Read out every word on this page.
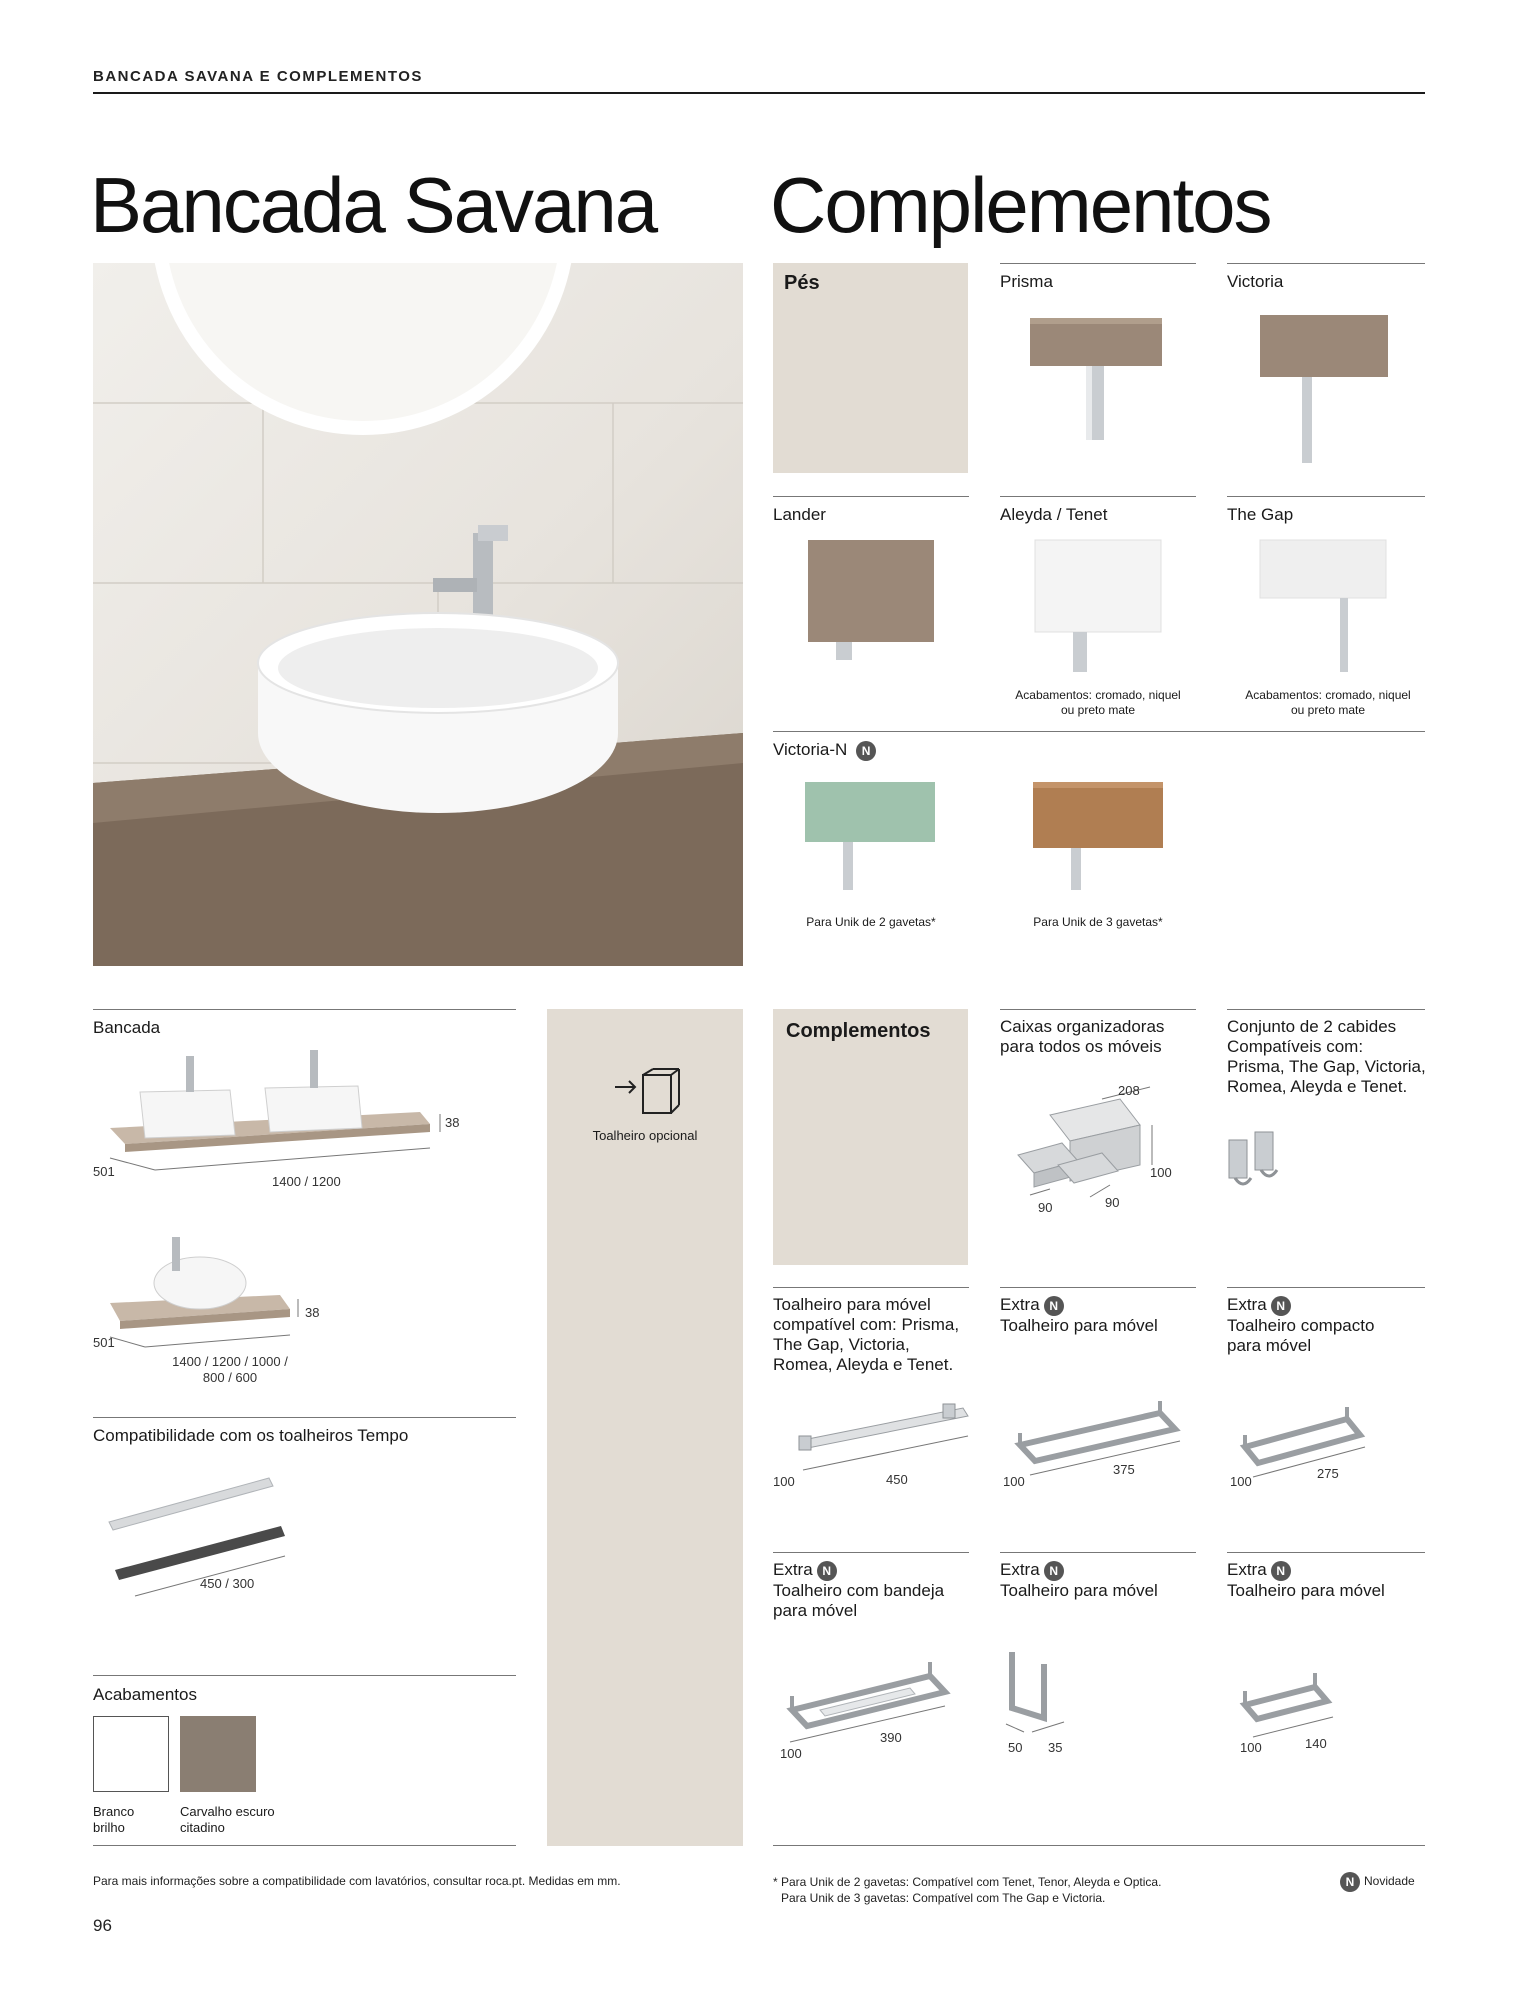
BANCADA SAVANA E COMPLEMENTOS
Bancada Savana Complementos
Pés	Prisma	Victoria
Lander	Aleyda / Tenet	The Gap
Acabamentos: cromado, niquel
ou preto mate
Acabamentos: cromado, niquel
ou preto mate
Victoria-N N
Para Unik de 2 gavetas*	Para Unik de 3 gavetas*
Bancada
501
1400 / 1200
38
501
1400 / 1200 / 1000 /
800 / 600
38
Compatibilidade com os toalheiros Tempo
450 / 300
Acabamentos
Branco
brilho
Carvalho escuro
citadino
Toalheiro opcional
Complementos	Caixas organizadoras
para todos os móveis
208
100
90	90
Conjunto de 2 cabides
Compatíveis com:
Prisma, The Gap, Victoria,
Romea, Aleyda e Tenet.
Toalheiro para móvel
compatível com: Prisma,
The Gap, Victoria,
Romea, Aleyda e Tenet.
100	450
Extra N
Toalheiro para móvel
100
375
Extra N
Toalheiro compacto
para móvel
100
275
Extra N
Toalheiro com bandeja
para móvel
100
390
Extra N
Toalheiro para móvel
50 35
Extra N
Toalheiro para móvel
100	140
Para mais informações sobre a compatibilidade com lavatórios, consultar roca.pt. Medidas em mm.	* Para Unik de 2 gavetas: Compatível com Tenet, Tenor, Aleyda e Optica.
Para Unik de 3 gavetas: Compatível com The Gap e Victoria.
N Novidade
96
